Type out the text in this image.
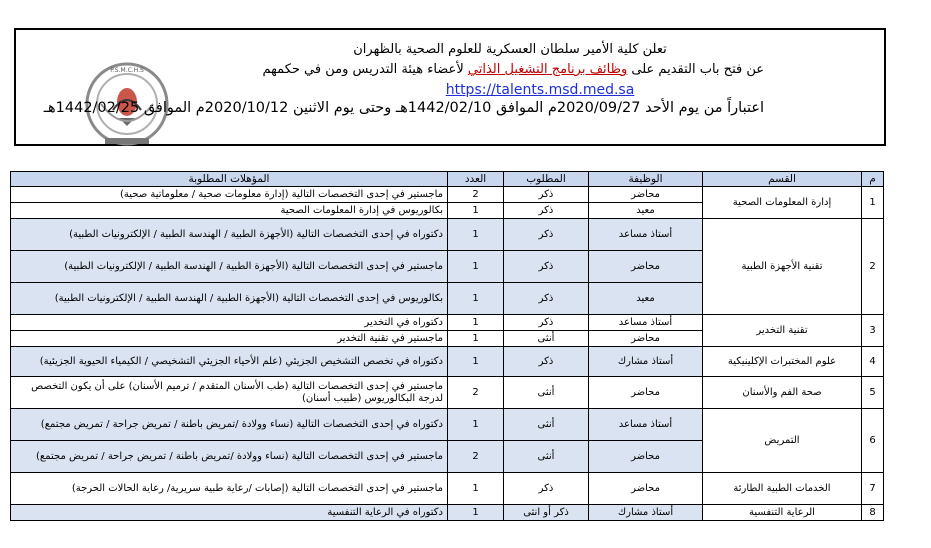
P.S.M.C.H.S
تعلن كلية الأمير سلطان العسكرية للعلوم الصحية بالظهران
عن فتح باب التقديم على وظائف برنامج التشغيل الذاتي لأعضاء هيئة التدريس ومن في حكمهم
https://talents.msd.med.sa
اعتباراً من يوم الأحد 2020/09/27م الموافق 1442/02/10هـ وحتى يوم الاثنين 2020/10/12م الموافق 1442/02/25هـ
م	القسم	الوظيفة	المطلوب	العدد	المؤهلات المطلوبة
1	إدارة المعلومات الصحية	محاضر	ذكر	2	ماجستير في إحدى التخصصات التالية (إدارة معلومات صحية / معلوماتية صحية)
		معيد	ذكر	1	بكالوريوس في إدارة المعلومات الصحية
2	تقنية الأجهزة الطبية	أستاذ مساعد	ذكر	1	دكتوراه في إحدى التخصصات التالية (الأجهزة الطبية / الهندسة الطبية / الإلكترونيات الطبية)
		محاضر	ذكر	1	ماجستير في إحدى التخصصات التالية (الأجهزة الطبية / الهندسة الطبية / الإلكترونيات الطبية)
		معيد	ذكر	1	بكالوريوس في إحدى التخصصات التالية (الأجهزة الطبية / الهندسة الطبية / الإلكترونيات الطبية)
3	تقنية التخدير	أستاذ مساعد	ذكر	1	دكتوراه في التخدير
		محاضر	أنثى	1	ماجستير في تقنية التخدير
4	علوم المختبرات الإكلينيكية	أستاذ مشارك	ذكر	1	دكتوراه في تخصص التشخيص الجزيئي (علم الأحياء الجزيئي التشخيصي / الكيمياء الحيوية الجزيئية)
5	صحة الفم والأسنان	محاضر	أنثى	2	ماجستير في إحدى التخصصات التالية (طب الأسنان المتقدم / ترميم الأسنان) على أن يكون التخصص لدرجة البكالوريوس (طبيب أسنان)
6	التمريض	أستاذ مساعد	أنثى	1	دكتوراه في إحدى التخصصات التالية (نساء وولادة /تمريض باطنة / تمريض جراحة / تمريض مجتمع)
		محاضر	أنثى	2	ماجستير في إحدى التخصصات التالية (نساء وولادة /تمريض باطنة / تمريض جراحة / تمريض مجتمع)
7	الخدمات الطبية الطارئة	محاضر	ذكر	1	ماجستير في إحدى التخصصات التالية (إصابات /رعاية طبية سريرية/ رعاية الحالات الحرجة)
8	الرعاية التنفسية	أستاذ مشارك	ذكر أو انثى	1	دكتوراه في الرعاية التنفسية
